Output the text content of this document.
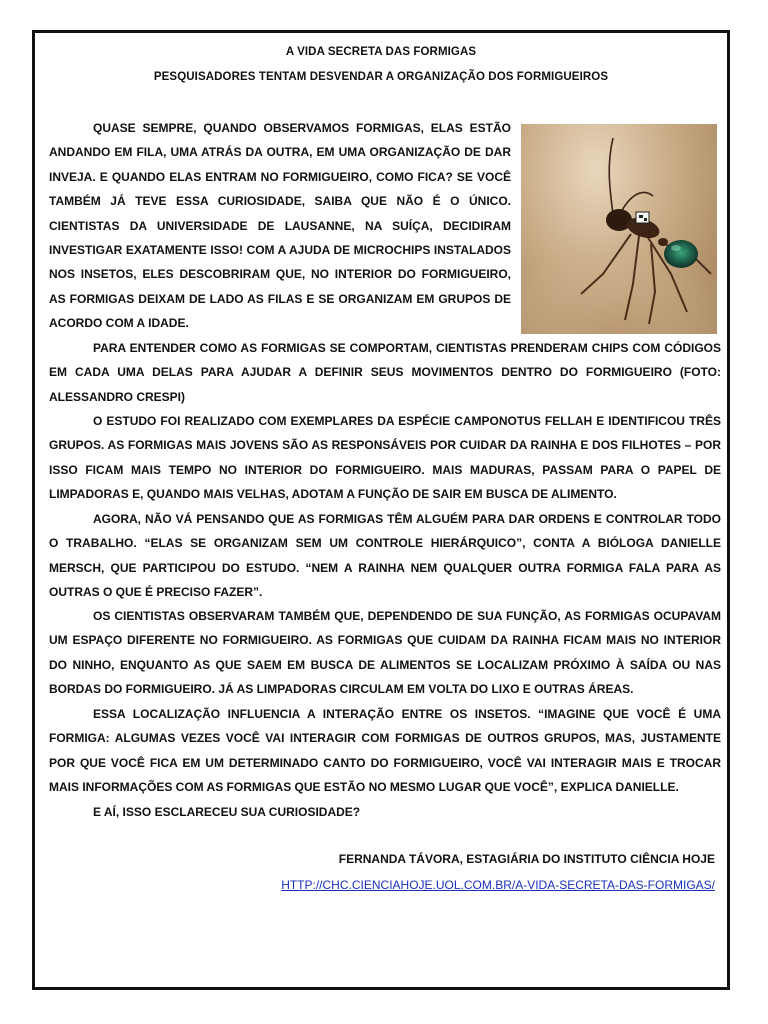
A VIDA SECRETA DAS FORMIGAS
PESQUISADORES TENTAM DESVENDAR A ORGANIZAÇÃO DOS FORMIGUEIROS

QUASE SEMPRE, QUANDO OBSERVAMOS FORMIGAS, ELAS ESTÃO ANDANDO EM FILA, UMA ATRÁS DA OUTRA, EM UMA ORGANIZAÇÃO DE DAR INVEJA. E QUANDO ELAS ENTRAM NO FORMIGUEIRO, COMO FICA? SE VOCÊ TAMBÉM JÁ TEVE ESSA CURIOSIDADE, SAIBA QUE NÃO É O ÚNICO. CIENTISTAS DA UNIVERSIDADE DE LAUSANNE, NA SUÍÇA, DECIDIRAM INVESTIGAR EXATAMENTE ISSO! COM A AJUDA DE MICROCHIPS INSTALADOS NOS INSETOS, ELES DESCOBRIRAM QUE, NO INTERIOR DO FORMIGUEIRO, AS FORMIGAS DEIXAM DE LADO AS FILAS E SE ORGANIZAM EM GRUPOS DE ACORDO COM A IDADE.

PARA ENTENDER COMO AS FORMIGAS SE COMPORTAM, CIENTISTAS PRENDERAM CHIPS COM CÓDIGOS EM CADA UMA DELAS PARA AJUDAR A DEFINIR SEUS MOVIMENTOS DENTRO DO FORMIGUEIRO (FOTO: ALESSANDRO CRESPI)

O ESTUDO FOI REALIZADO COM EXEMPLARES DA ESPÉCIE CAMPONOTUS FELLAH E IDENTIFICOU TRÊS GRUPOS. AS FORMIGAS MAIS JOVENS SÃO AS RESPONSÁVEIS POR CUIDAR DA RAINHA E DOS FILHOTES – POR ISSO FICAM MAIS TEMPO NO INTERIOR DO FORMIGUEIRO. MAIS MADURAS, PASSAM PARA O PAPEL DE LIMPADORAS E, QUANDO MAIS VELHAS, ADOTAM A FUNÇÃO DE SAIR EM BUSCA DE ALIMENTO.

AGORA, NÃO VÁ PENSANDO QUE AS FORMIGAS TÊM ALGUÉM PARA DAR ORDENS E CONTROLAR TODO O TRABALHO. “ELAS SE ORGANIZAM SEM UM CONTROLE HIERÁRQUICO”, CONTA A BIÓLOGA DANIELLE MERSCH, QUE PARTICIPOU DO ESTUDO. “NEM A RAINHA NEM QUALQUER OUTRA FORMIGA FALA PARA AS OUTRAS O QUE É PRECISO FAZER”.

OS CIENTISTAS OBSERVARAM TAMBÉM QUE, DEPENDENDO DE SUA FUNÇÃO, AS FORMIGAS OCUPAVAM UM ESPAÇO DIFERENTE NO FORMIGUEIRO. AS FORMIGAS QUE CUIDAM DA RAINHA FICAM MAIS NO INTERIOR DO NINHO, ENQUANTO AS QUE SAEM EM BUSCA DE ALIMENTOS SE LOCALIZAM PRÓXIMO À SAÍDA OU NAS BORDAS DO FORMIGUEIRO. JÁ AS LIMPADORAS CIRCULAM EM VOLTA DO LIXO E OUTRAS ÁREAS.

ESSA LOCALIZAÇÃO INFLUENCIA A INTERAÇÃO ENTRE OS INSETOS. “IMAGINE QUE VOCÊ É UMA FORMIGA: ALGUMAS VEZES VOCÊ VAI INTERAGIR COM FORMIGAS DE OUTROS GRUPOS, MAS, JUSTAMENTE POR QUE VOCÊ FICA EM UM DETERMINADO CANTO DO FORMIGUEIRO, VOCÊ VAI INTERAGIR MAIS E TROCAR MAIS INFORMAÇÕES COM AS FORMIGAS QUE ESTÃO NO MESMO LUGAR QUE VOCÊ”, EXPLICA DANIELLE.

E AÍ, ISSO ESCLARECEU SUA CURIOSIDADE?

FERNANDA TÁVORA, ESTAGIÁRIA DO INSTITUTO CIÊNCIA HOJE
HTTP://CHC.CIENCIAHOJE.UOL.COM.BR/A-VIDA-SECRETA-DAS-FORMIGAS/
